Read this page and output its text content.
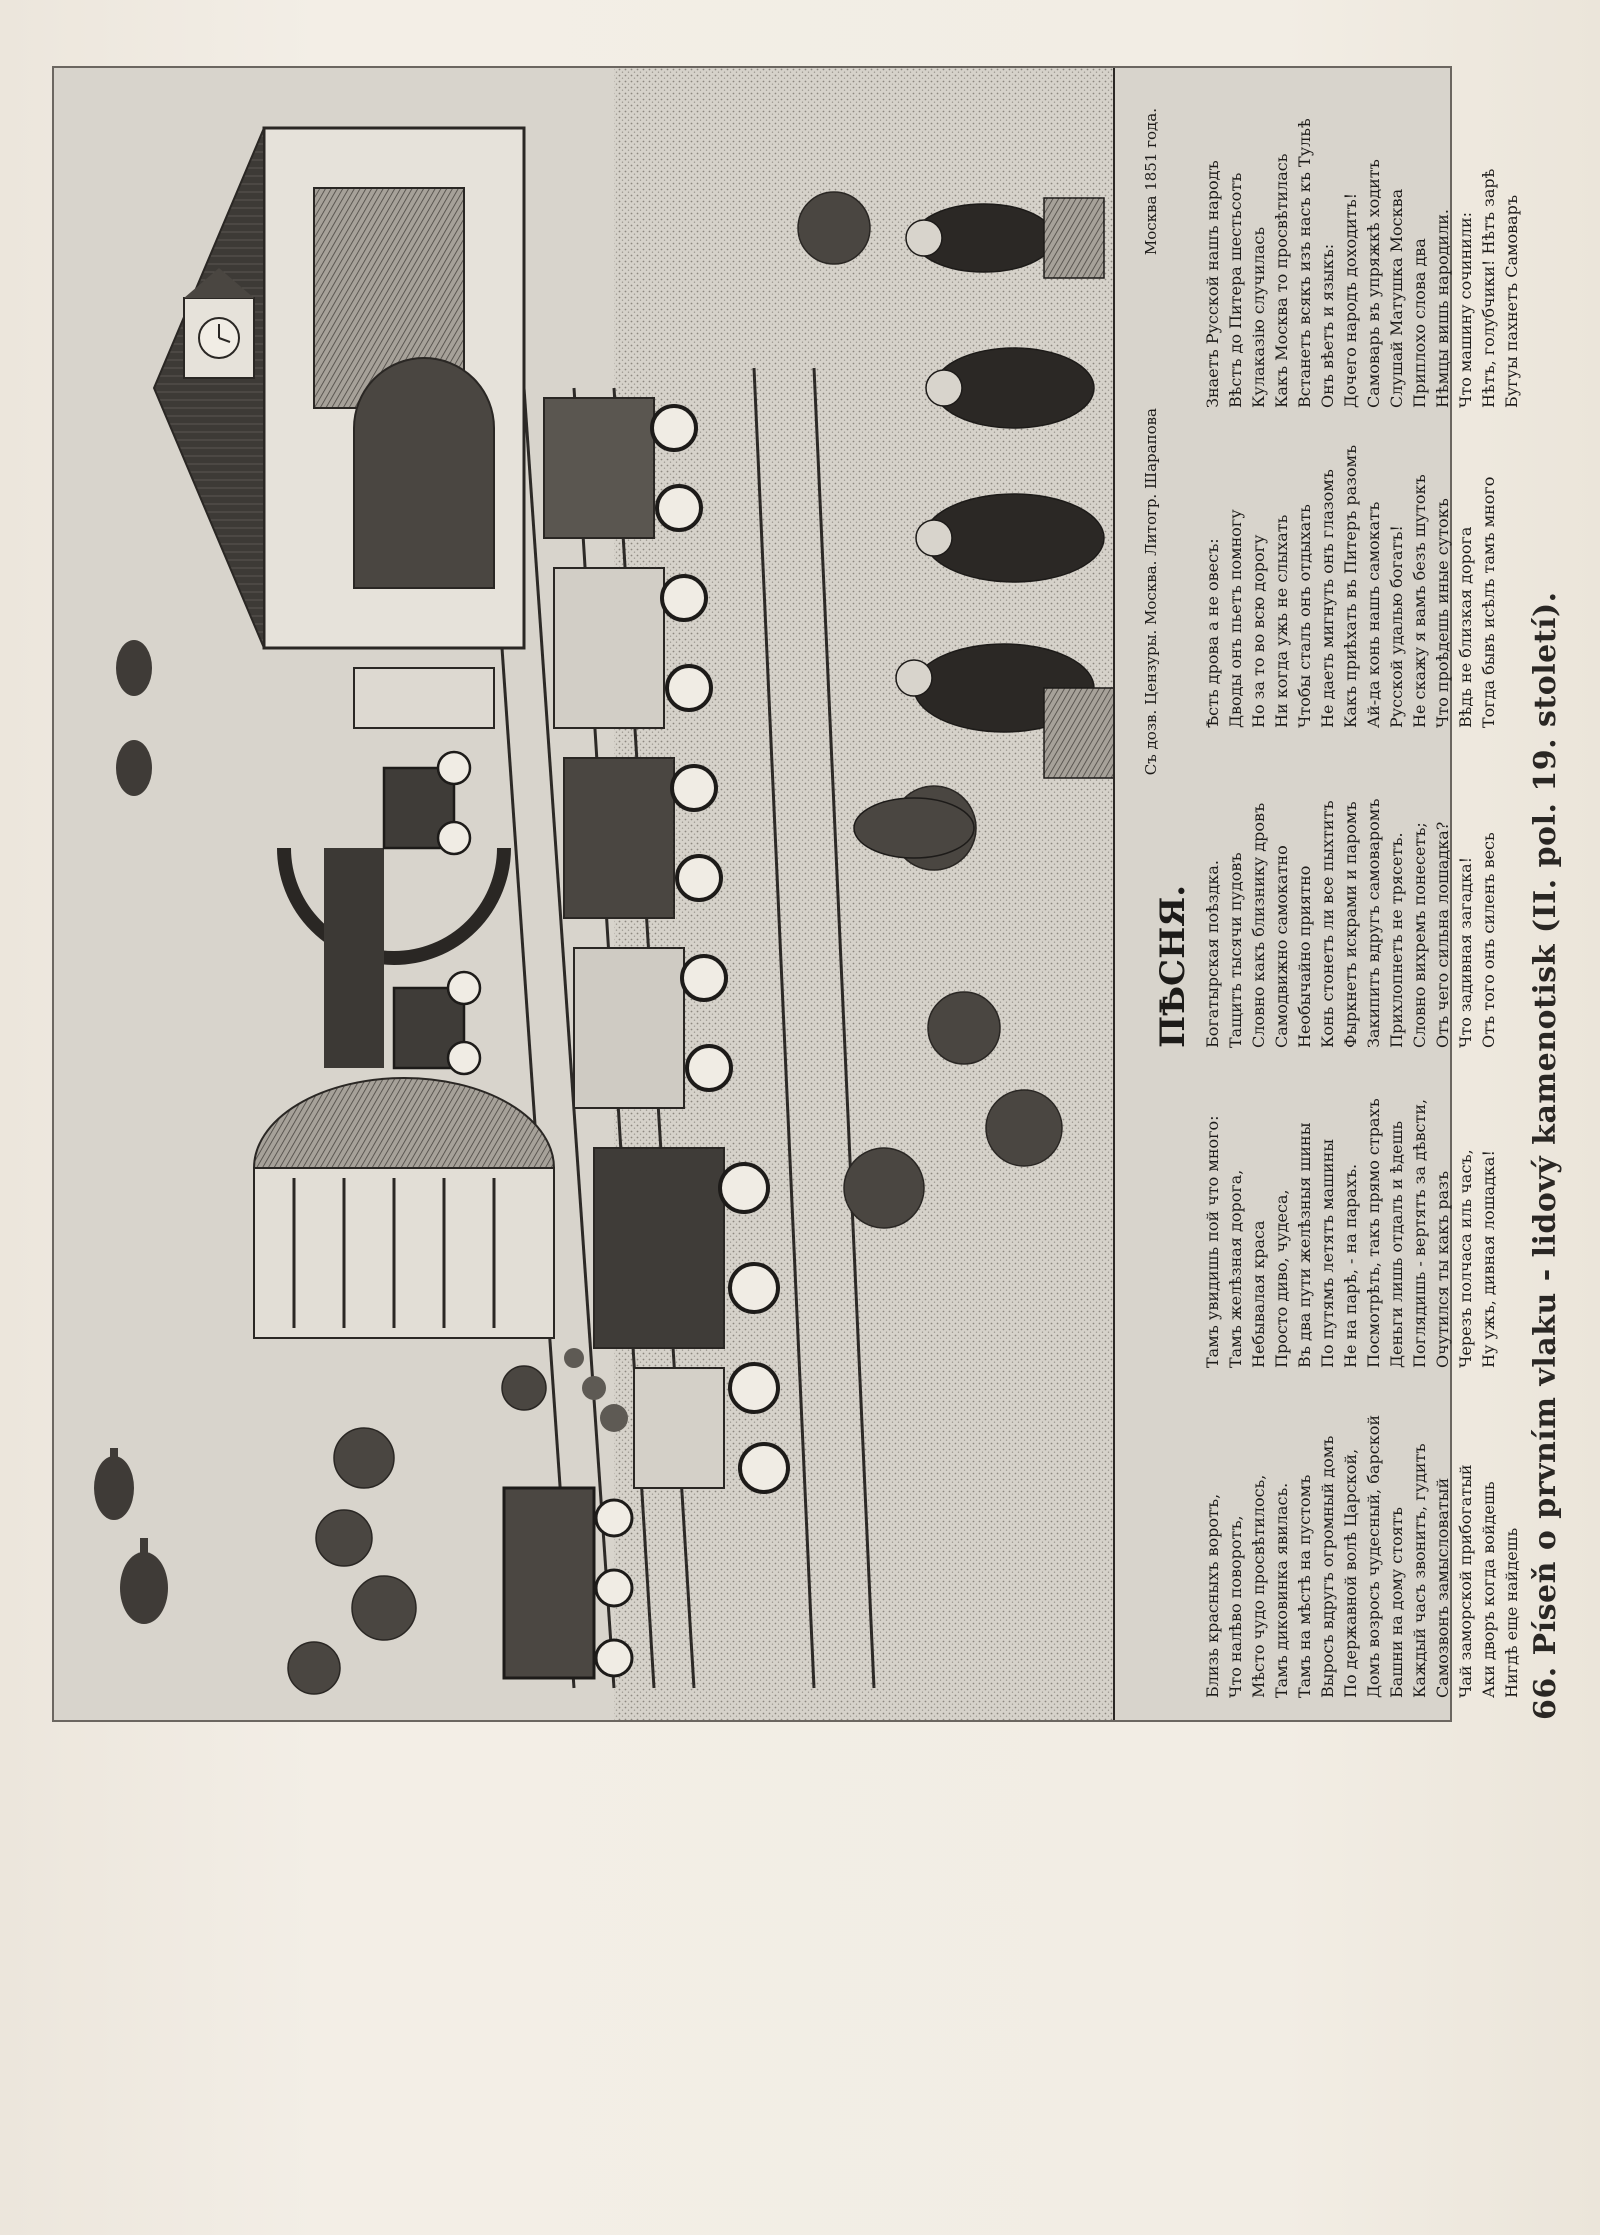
Съ дозв. Цензуры. Москва. Литогр. Шарапова
Москва 1851 года.
ПѢСНЯ.
Близь красныхъ воротъ, Что налѣво поворотъ, Мѣсто чудо просвѣтилось, Тамъ диковинка явилась. Тамъ на мѣстѣ на пустомъ Выросъ вдругъ огромный домъ По державной волѣ Царской, Домъ возросъ чудесный, барской Башни на дому стоятъ Каждый часъ звонитъ, гудитъ Самозвонъ замысловатый Чай заморской прибогатый Аки дворъ когда войдешь Нигдѣ еще найдешь
Тамъ увидишь пой что много: Тамъ желѣзная дорога, Небывалая краса Просто диво, чудеса, Въ два пути желѣзныя шины По путямъ летятъ машины Не на парѣ, - на парахъ. Посмотрѣть, такъ прямо страхъ Деньги лишь отдалъ и ѣдешь Поглядишь - вертятъ за дѣвсти, Очутился ты какъ разъ Черезъ полчаса иль часъ, Ну ужъ, дивная лошадка!
Богатырская поѣздка. Тащитъ тысячи пудовъ Словно какъ близнику дровъ Самодвижно самокатно Необычайно приятно Конь стонетъ ли все пыхтитъ Фыркнетъ искрами и паромъ Закипитъ вдругъ самоваромъ Прихлопнетъ не трясетъ. Словно вихремъ понесетъ; Отъ чего сильна лошадка? Что задивная загадка! Отъ того онъ силенъ весь
Ѣсть дрова а не овесъ: Дводы онъ пьетъ помногу Но за то во всю дорогу Ни когда ужь не слыхать Чтобы сталъ онъ отдыхать Не даеть мигнуть онъ глазомъ Какъ приѣхать въ Питеръ разомъ Ай-да конь нашъ самокатъ Русской удалью богатъ! Не скажу я вамъ безъ шутокъ Что проѣдешь иные сутокъ Вѣдь не близкая дорога Тогда бывъ исѣлъ тамъ много
Знаетъ Русской нашъ народъ Вѣстъ до Питера шестьсотъ Кулаказію случилась Какъ Москва то просвѣтилась Встанетъ всякъ изъ насъ къ Тульѣ Онъ вѣетъ и языкъ: Дочего народъ доходитъ! Самоварь въ упряжкѣ ходитъ Слушай Матушка Москва Приплохо слова два Нѣмцы вишь народили. Что машину сочинили: Нѣтъ, голубчики! Нѣтъ зарѣ Бугуы пахнетъ Самоваръ
66. Píseň o prvním vlaku - lidový kamenotisk (II. pol. 19. století).
